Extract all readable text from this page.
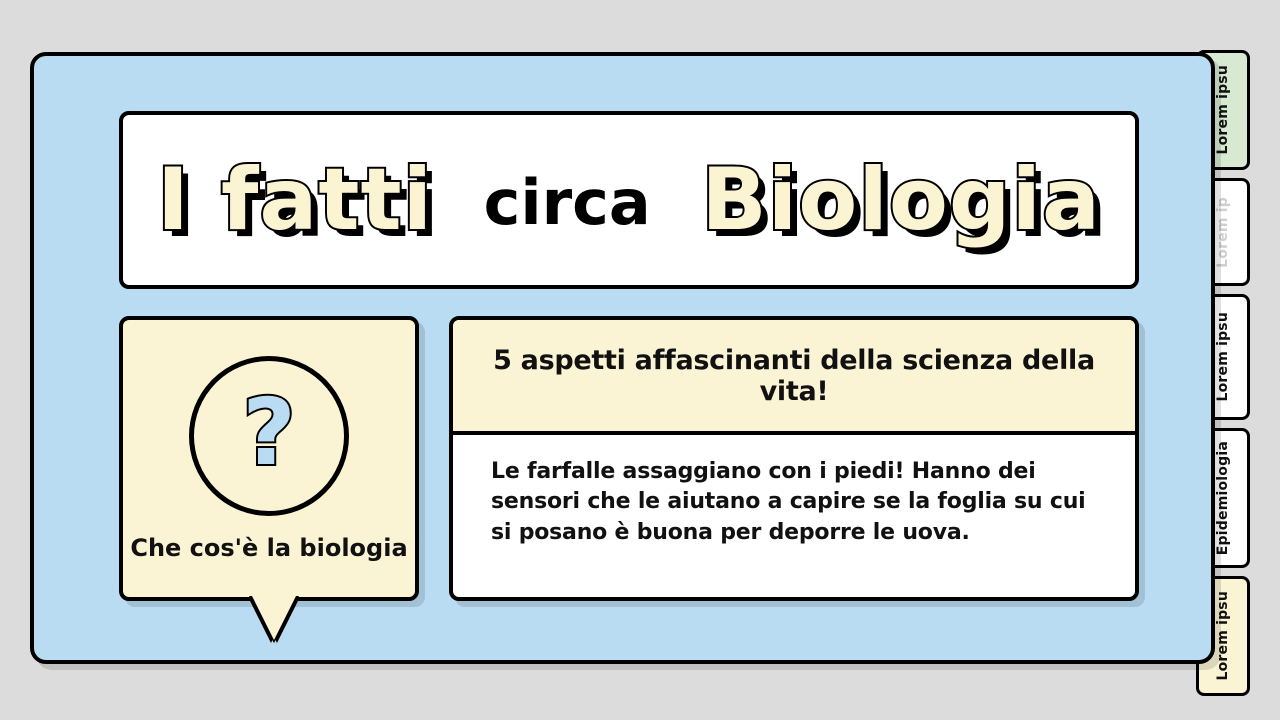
Lorem ipsu
Lorem ip
Lorem ipsu
Epidemiologia
Lorem ipsu
I fatti circa Biologia
?
Che cos'è la biologia
5 aspetti affascinanti della scienza della vita!
Le farfalle assaggiano con i piedi! Hanno dei sensori che le aiutano a capire se la foglia su cui si posano è buona per deporre le uova.
